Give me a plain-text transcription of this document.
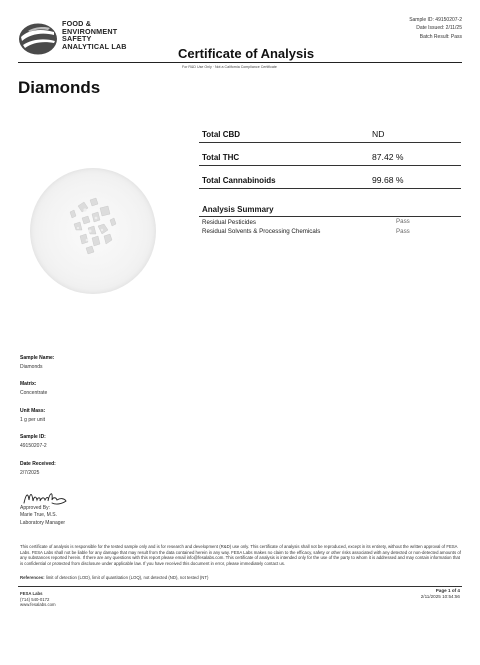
FOOD &
ENVIRONMENT
SAFETY
ANALYTICAL LAB
Sample ID: 49150207-2
Date Issued: 2/11/25
Batch Result: Pass
Certificate of Analysis
For R&D Use Only · Not a California Compliance Certificate
Diamonds
Total CBD	ND
Total THC	87.42 %
Total Cannabinoids	99.68 %
Analysis Summary
Residual Pesticides	Pass
Residual Solvents & Processing Chemicals	Pass
Sample Name:
Diamonds
Matrix:
Concentrate
Unit Mass:
1 g per unit
Sample ID:
49150207-2
Date Received:
2/7/2025
Approved By:
Marie True, M.S.
Laboratory Manager
This certificate of analysis is responsible for the tested sample only and is for research and development (R&D) use only. This certificate of analysis shall not be reproduced, except in its entirety, without the written approval of FESA Labs. FESA Labs shall not be liable for any damage that may result from the data contained herein in any way. FESA Labs makes no claim to the efficacy, safety or other risks associated with any detected or non-detected amounts of any substances reported herein. If there are any questions with this report please email info@fesalabs.com. This certificate of analysis is intended only for the use of the party to whom it is addressed and may contain information that is confidential or protected from disclosure under applicable law. If you have received this document in error, please immediately contact us.
References: limit of detection (LOD), limit of quantitation (LOQ), not detected (ND), not tested (NT)
FESA Labs
(714) 540-0172
www.fesalabs.com
Page 1 of 4
2/11/2025 10:54:56
